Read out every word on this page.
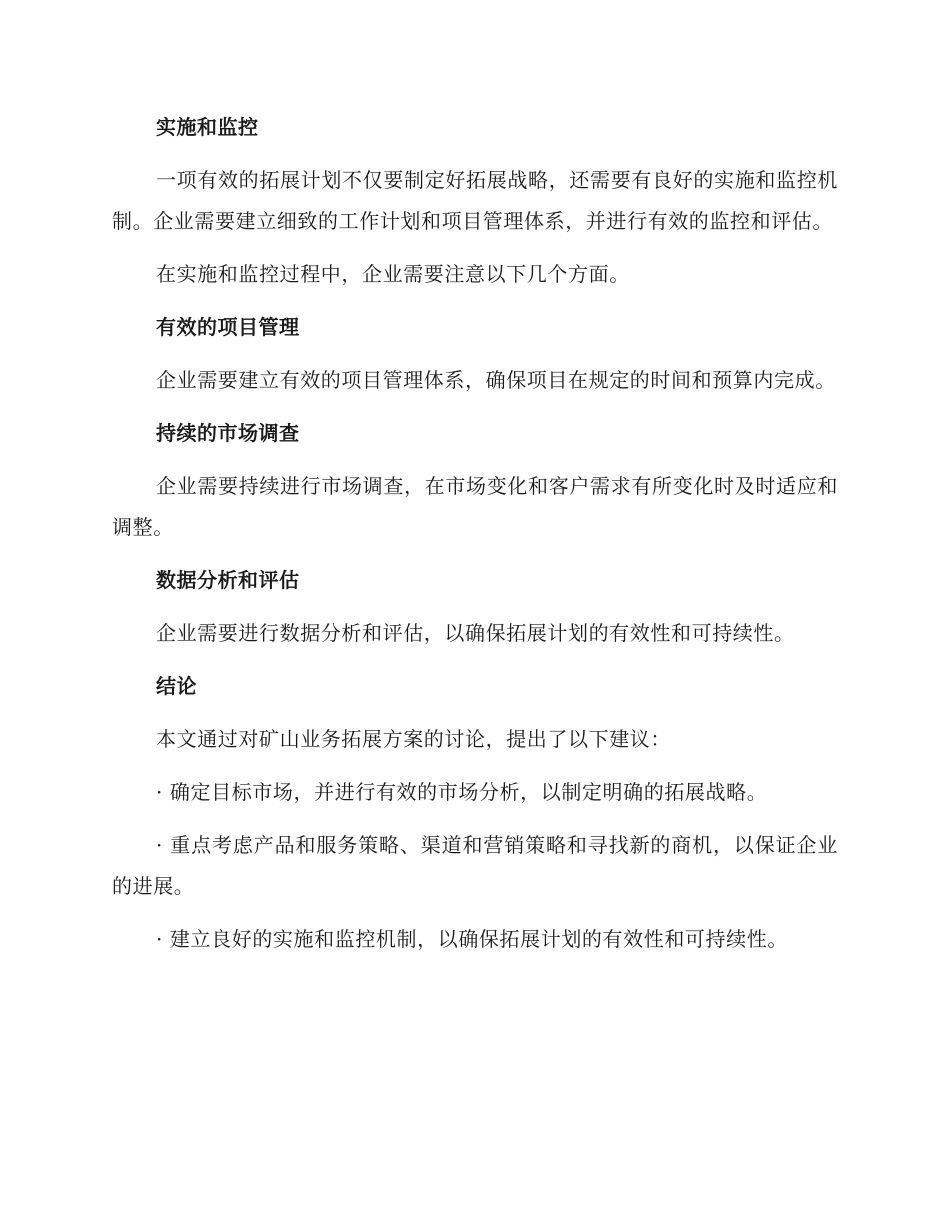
实施和监控

一项有效的拓展计划不仅要制定好拓展战略，还需要有良好的实施和监控机制。企业需要建立细致的工作计划和项目管理体系，并进行有效的监控和评估。

在实施和监控过程中，企业需要注意以下几个方面。

有效的项目管理

企业需要建立有效的项目管理体系，确保项目在规定的时间和预算内完成。

持续的市场调查

企业需要持续进行市场调查，在市场变化和客户需求有所变化时及时适应和调整。

数据分析和评估

企业需要进行数据分析和评估，以确保拓展计划的有效性和可持续性。

结论

本文通过对矿山业务拓展方案的讨论，提出了以下建议：

· 确定目标市场，并进行有效的市场分析，以制定明确的拓展战略。

· 重点考虑产品和服务策略、渠道和营销策略和寻找新的商机，以保证企业的进展。

· 建立良好的实施和监控机制，以确保拓展计划的有效性和可持续性。
